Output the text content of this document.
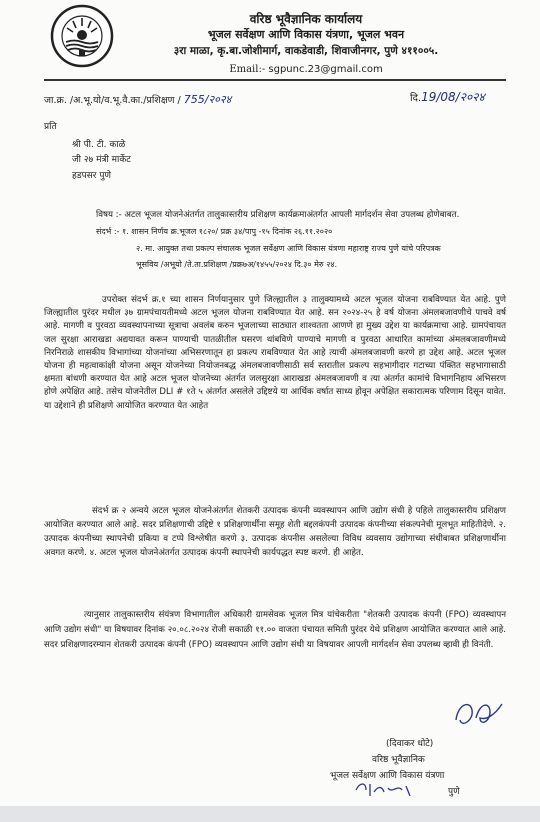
वरिष्ठ भूवैज्ञानिक कार्यालय
भूजल सर्वेक्षण आणि विकास यंत्रणा, भूजल भवन
३रा माळा, कृ.बा.जोशीमार्ग, वाकडेवाडी, शिवाजीनगर, पुणे ४११००५.
Email:- sgpunc.23@gmail.com
जा.क्र. /अ.भू.यो/व.भू.वै.का./प्रशिक्षण / 755/२०२४	दि.19/08/२०२४
प्रति
श्री पी. टी. काळे
जी २७ मंत्री मार्केट
हडपसर पुणे
विषय :- अटल भूजल योजनेअंतर्गत तालुकास्तरीय प्रशिक्षण कार्यक्रमाअंतर्गत आपली मार्गदर्शन सेवा उपलब्ध होणेबाबत.
संदर्भ :- १. शासन निर्णय क्र.भूजल १८२०/ प्रक्र ३४/पापु -१५ दिनांक २६.११.२०२०
२. मा. आयुक्त तथा प्रकल्प संचालक भूजल सर्वेक्षण आणि विकास यंत्रणा महाराष्ट्र राज्य पुणे यांचे परिपत्रक
भूसविय /अभूयो /ते.ता.प्रशिक्षण /प्रक्र७अ/१४५५/२०२४ दि.३० मेरु २४.
उपरोक्त संदर्भ क्र.१ च्या शासन निर्णयानुसार पुणे जिल्ह्यातील ३ तालुक्यामध्ये अटल भूजल योजना राबविण्यात येत आहे. पुणे जिल्ह्यातील पुरंदर मधील ३७ ग्रामपंचायतीमध्ये अटल भूजल योजना राबविण्यात येत आहे. सन २०२४-२५ हे वर्ष योजना अंमलबजावणीचे पाचवे वर्ष आहे. मागणी व पुरवठा व्यवस्थापनाच्या सूत्राचा अवलंब करुन भूजलाच्या साठ्यात शाश्वतता आणणे हा मुख्य उद्देश या कार्यक्रमाचा आहे. ग्रामपंचायत जल सुरक्षा आराखडा अद्ययावत करून पाण्याची पातळीतील घसरण थांबविणे पाण्याचे मागणी व पुरवठा आधारित कामांच्या अंमलबजावणीमध्ये निरनिराळे शासकीय विभागांच्या योजनांच्या अभिसरणातून हा प्रकल्प राबविण्यात येत आहे त्याची अंमलबजावणी करणे हा उद्देश आहे. अटल भूजल योजना ही महत्वाकांक्षी योजना असून योजनेच्या नियोजनबद्ध अंमलबजावणीसाठी सर्व स्तरातील प्रकल्प सहभागीदार गटाच्या पंक्तित सहभागासाठी क्षमता बांधणी करण्यात येत आहे अटल भूजल योजनेच्या अंतर्गत जलसुरक्षा आराखडा अंमलबजावणी व त्या अंतर्गत कामांचे विभागनिहाय अभिसरण होणे अपेक्षित आहे. तसेच योजनेतील DLI # १ते ५ अंतर्गत असलेले उद्दिष्टये या आर्थिक वर्षात साध्य होवून अपेक्षित सकारात्मक परिणाम दिसून यावेत. या उद्देशाने ही प्रशिक्षणे आयोजित करण्यात येत आहेत
संदर्भ क्र २ अन्वये अटल भूजल योजनेअंतर्गत शेतकरी उत्पादक कंपनी व्यवस्थापन आणि उद्योग संधी हे पहिले तालुकास्तरीय प्रशिक्षण आयोजित करण्यात आले आहे. सदर प्रशिक्षणाची उद्दिष्टे १ प्रशिक्षणार्थींना समूह शेती बद्दलकंपनी उत्पादक कंपनीच्या संकल्पनेची मूलभूत माहितीदेणे. २. उत्पादक कंपनीच्या स्थापनेची प्रकिया व टप्पे विश्लेषीत करणे ३. उत्पादक कंपनीस असलेल्या विविध व्यवसाय उद्योगाच्या संधीबाबत प्रशिक्षणार्थीना अवगत करणे. ४. अटल भूजल योजनेअंतर्गत उत्पादक कंपनी स्थापनेची कार्यपद्धत स्पष्ट करणे. ही आहेत.
त्यानुसार तालुकास्तरीय संयंत्रण विभागातील अधिकारी ग्रामसेवक भूजल मित्र यांचेकरीता "शेतकरी उत्पादक कंपनी (FPO) व्यवस्थापन आणि उद्योग संधी" या विषयावर दिनांक २०.०८.२०२४ रोजी सकाळी ११.०० वाजता पंचायत समिती पुरंदर येथे प्रशिक्षण आयोजित करण्यात आले आहे. सदर प्रशिक्षणादरम्यान शेतकरी उत्पादक कंपनी (FPO) व्यवस्थापन आणि उद्योग संधी या विषयावर आपली मार्गदर्शन सेवा उपलब्ध व्हावी ही विनंती.
(दिवाकर धोटे)
वरिष्ठ भूवैज्ञानिक
भूजल सर्वेक्षण आणि विकास यंत्रणा
पुणे
